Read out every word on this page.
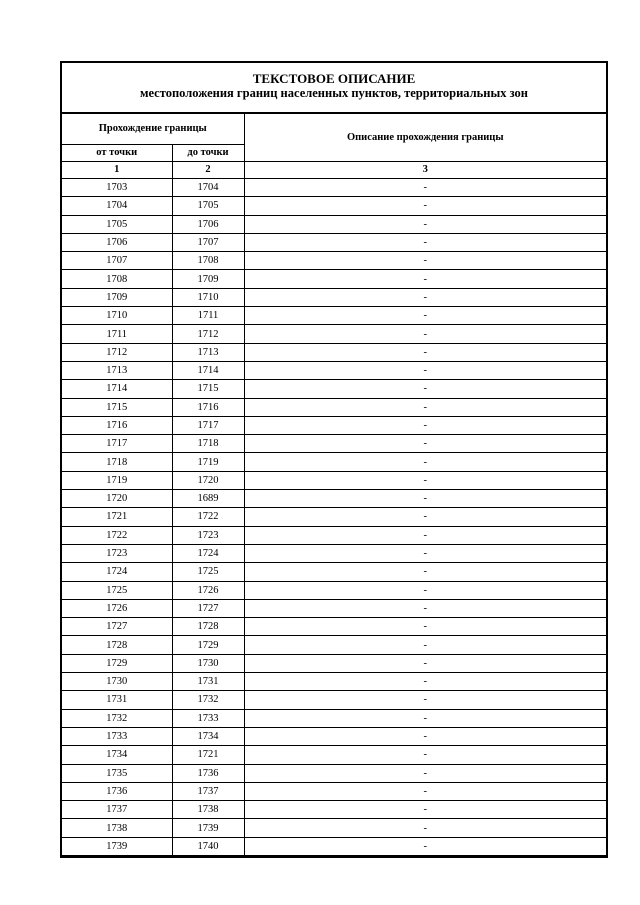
ТЕКСТОВОЕ ОПИСАНИЕ
местоположения границ населенных пунктов, территориальных зон
Прохождение границы		Описание прохождения границы
от точки	до точки	
1	2	3
1703	1704	-
1704	1705	-
1705	1706	-
1706	1707	-
1707	1708	-
1708	1709	-
1709	1710	-
1710	1711	-
1711	1712	-
1712	1713	-
1713	1714	-
1714	1715	-
1715	1716	-
1716	1717	-
1717	1718	-
1718	1719	-
1719	1720	-
1720	1689	-
1721	1722	-
1722	1723	-
1723	1724	-
1724	1725	-
1725	1726	-
1726	1727	-
1727	1728	-
1728	1729	-
1729	1730	-
1730	1731	-
1731	1732	-
1732	1733	-
1733	1734	-
1734	1721	-
1735	1736	-
1736	1737	-
1737	1738	-
1738	1739	-
1739	1740	-
